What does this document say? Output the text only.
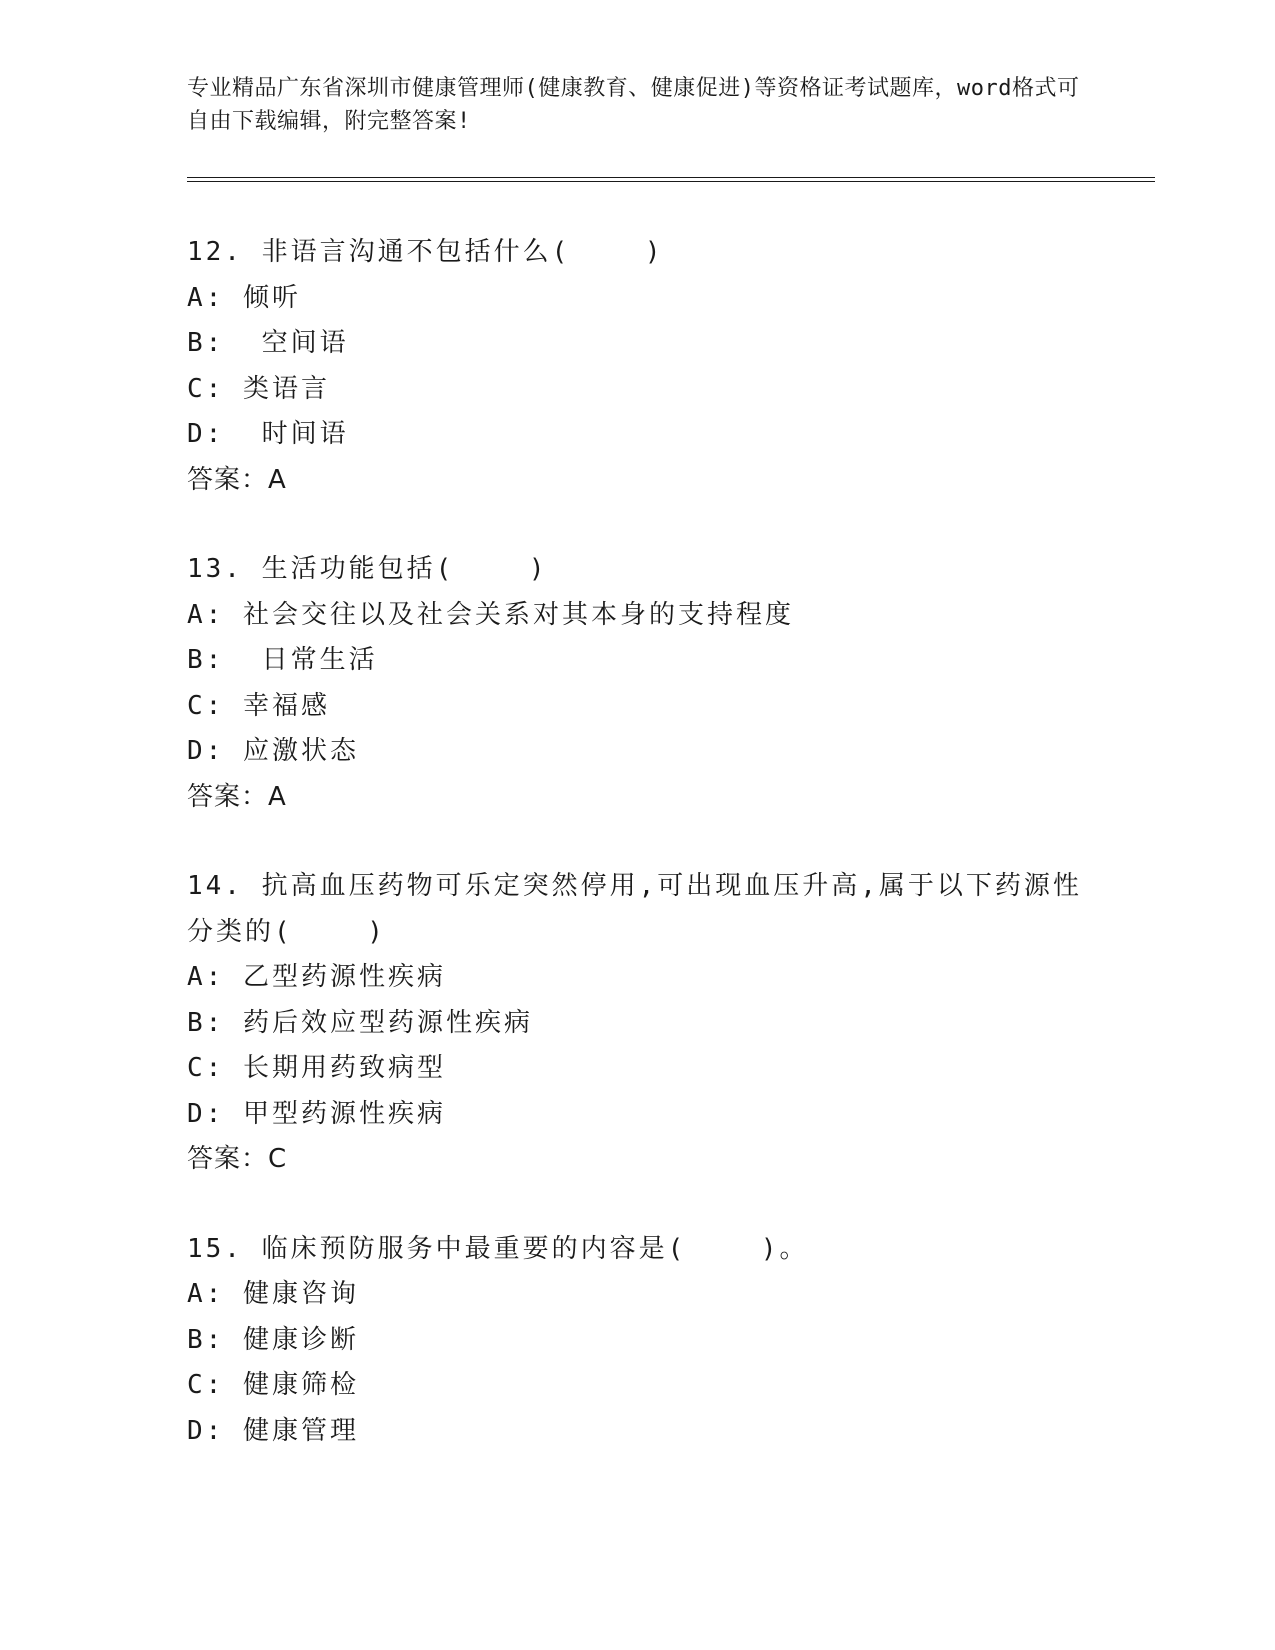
专业精品广东省深圳市健康管理师(健康教育、健康促进)等资格证考试题库，word格式可自由下载编辑，附完整答案!
12. 非语言沟通不包括什么(    )
A: 倾听
B:  空间语
C: 类语言
D:  时间语
答案：A
13. 生活功能包括(    )
A: 社会交往以及社会关系对其本身的支持程度
B:  日常生活
C: 幸福感
D: 应激状态
答案：A
14. 抗高血压药物可乐定突然停用,可出现血压升高,属于以下药源性分类的(    )
A: 乙型药源性疾病
B: 药后效应型药源性疾病
C: 长期用药致病型
D: 甲型药源性疾病
答案：C
15. 临床预防服务中最重要的内容是(    )。
A: 健康咨询
B: 健康诊断
C: 健康筛检
D: 健康管理
